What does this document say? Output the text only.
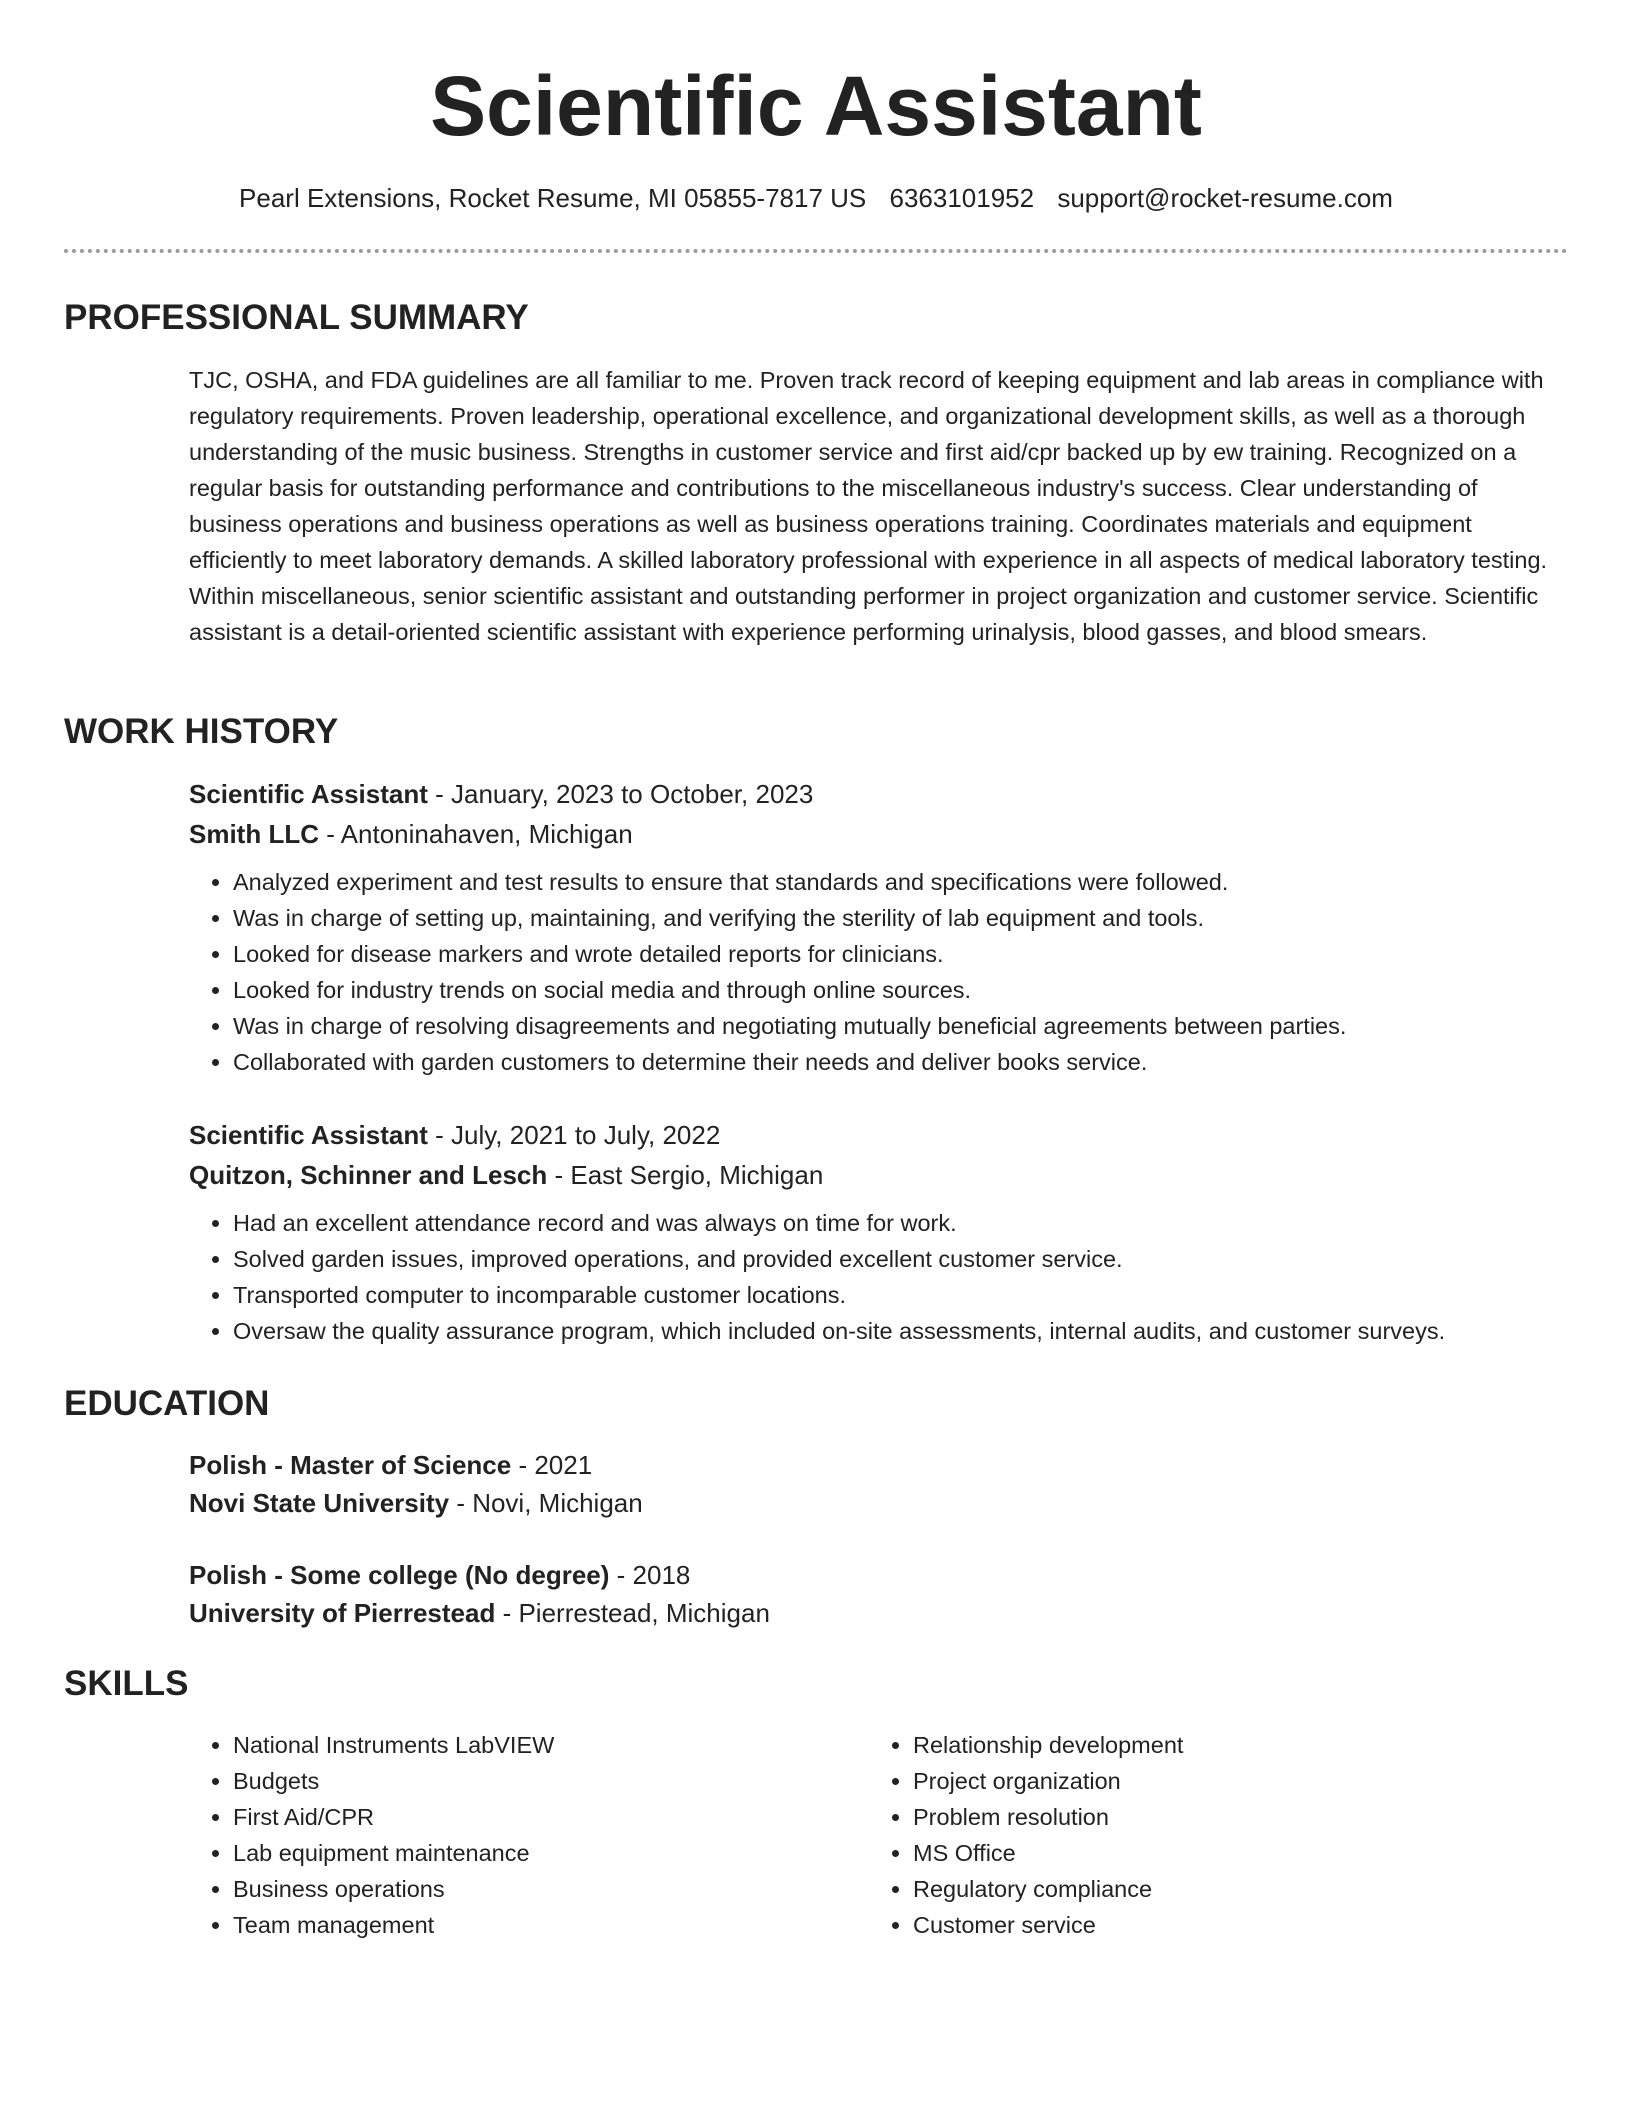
Scientific Assistant
Pearl Extensions, Rocket Resume, MI 05855-7817 US 6363101952 support@rocket-resume.com
PROFESSIONAL SUMMARY

TJC, OSHA, and FDA guidelines are all familiar to me. Proven track record of keeping equipment and lab areas in compliance with regulatory requirements. Proven leadership, operational excellence, and organizational development skills, as well as a thorough understanding of the music business. Strengths in customer service and first aid/cpr backed up by ew training. Recognized on a regular basis for outstanding performance and contributions to the miscellaneous industry's success. Clear understanding of business operations and business operations as well as business operations training. Coordinates materials and equipment efficiently to meet laboratory demands. A skilled laboratory professional with experience in all aspects of medical laboratory testing. Within miscellaneous, senior scientific assistant and outstanding performer in project organization and customer service. Scientific assistant is a detail-oriented scientific assistant with experience performing urinalysis, blood gasses, and blood smears.

WORK HISTORY

Scientific Assistant - January, 2023 to October, 2023

Smith LLC - Antoninahaven, Michigan

• Analyzed experiment and test results to ensure that standards and specifications were followed.
• Was in charge of setting up, maintaining, and verifying the sterility of lab equipment and tools.
• Looked for disease markers and wrote detailed reports for clinicians.
• Looked for industry trends on social media and through online sources.
• Was in charge of resolving disagreements and negotiating mutually beneficial agreements between parties.
• Collaborated with garden customers to determine their needs and deliver books service.

Scientific Assistant - July, 2021 to July, 2022

Quitzon, Schinner and Lesch - East Sergio, Michigan

• Had an excellent attendance record and was always on time for work.
• Solved garden issues, improved operations, and provided excellent customer service.
• Transported computer to incomparable customer locations.
• Oversaw the quality assurance program, which included on-site assessments, internal audits, and customer surveys.
EDUCATION

Polish - Master of Science - 2021

Novi State University - Novi, Michigan

Polish - Some college (No degree) - 2018

University of Pierrestead - Pierrestead, Michigan

SKILLS
• National Instruments LabVIEW
• Budgets
• First Aid/CPR
• Lab equipment maintenance
• Business operations
• Team management
• Relationship development
• Project organization
• Problem resolution
• MS Office
• Regulatory compliance
• Customer service
